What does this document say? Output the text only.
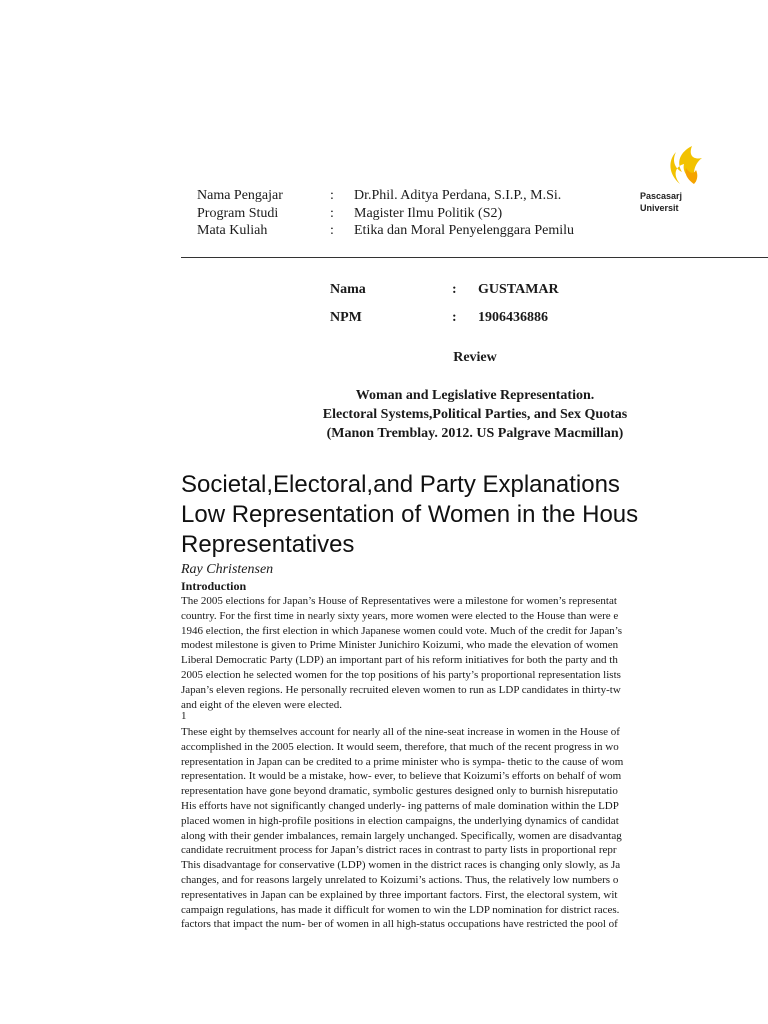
Pascasarj
Universit
Nama Pengajar	:	Dr.Phil. Aditya Perdana, S.I.P., M.Si.
Program Studi	:	Magister Ilmu Politik (S2)
Mata Kuliah	:	Etika dan Moral Penyelenggara Pemilu
Nama	:	GUSTAMAR
NPM	:	1906436886
Review
Woman and Legislative Representation.
Electoral Systems,Political Parties, and Sex Quotas
(Manon Tremblay. 2012. US Palgrave Macmillan)
Societal,Electoral,and Party Explanations
Low Representation of Women in the Hous
Representatives
Ray Christensen
Introduction
The 2005 elections for Japan’s House of Representatives were a milestone for women’s representat
country. For the first time in nearly sixty years, more women were elected to the House than were e
1946 election, the first election in which Japanese women could vote. Much of the credit for Japan’s
modest milestone is given to Prime Minister Junichiro Koizumi, who made the elevation of women
Liberal Democratic Party (LDP) an important part of his reform initiatives for both the party and th
2005 election he selected women for the top positions of his party’s proportional representation lists
Japan’s eleven regions. He personally recruited eleven women to run as LDP candidates in thirty-tw
and eight of the eleven were elected.
1
These eight by themselves account for nearly all of the nine-seat increase in women in the House of
accomplished in the 2005 election. It would seem, therefore, that much of the recent progress in wo
representation in Japan can be credited to a prime minister who is sympa- thetic to the cause of wom
representation. It would be a mistake, how- ever, to believe that Koizumi’s efforts on behalf of wom
representation have gone beyond dramatic, symbolic gestures designed only to burnish hisreputatio
His efforts have not significantly changed underly- ing patterns of male domination within the LDP
placed women in high-profile positions in election campaigns, the underlying dynamics of candidat
along with their gender imbalances, remain largely unchanged. Specifically, women are disadvantag
candidate recruitment process for Japan’s district races in contrast to party lists in proportional repr
This disadvantage for conservative (LDP) women in the district races is changing only slowly, as Ja
changes, and for reasons largely unrelated to Koizumi’s actions. Thus, the relatively low numbers o
representatives in Japan can be explained by three important factors. First, the electoral system, wit
campaign regulations, has made it difficult for women to win the LDP nomination for district races.
factors that impact the num- ber of women in all high-status occupations have restricted the pool of
